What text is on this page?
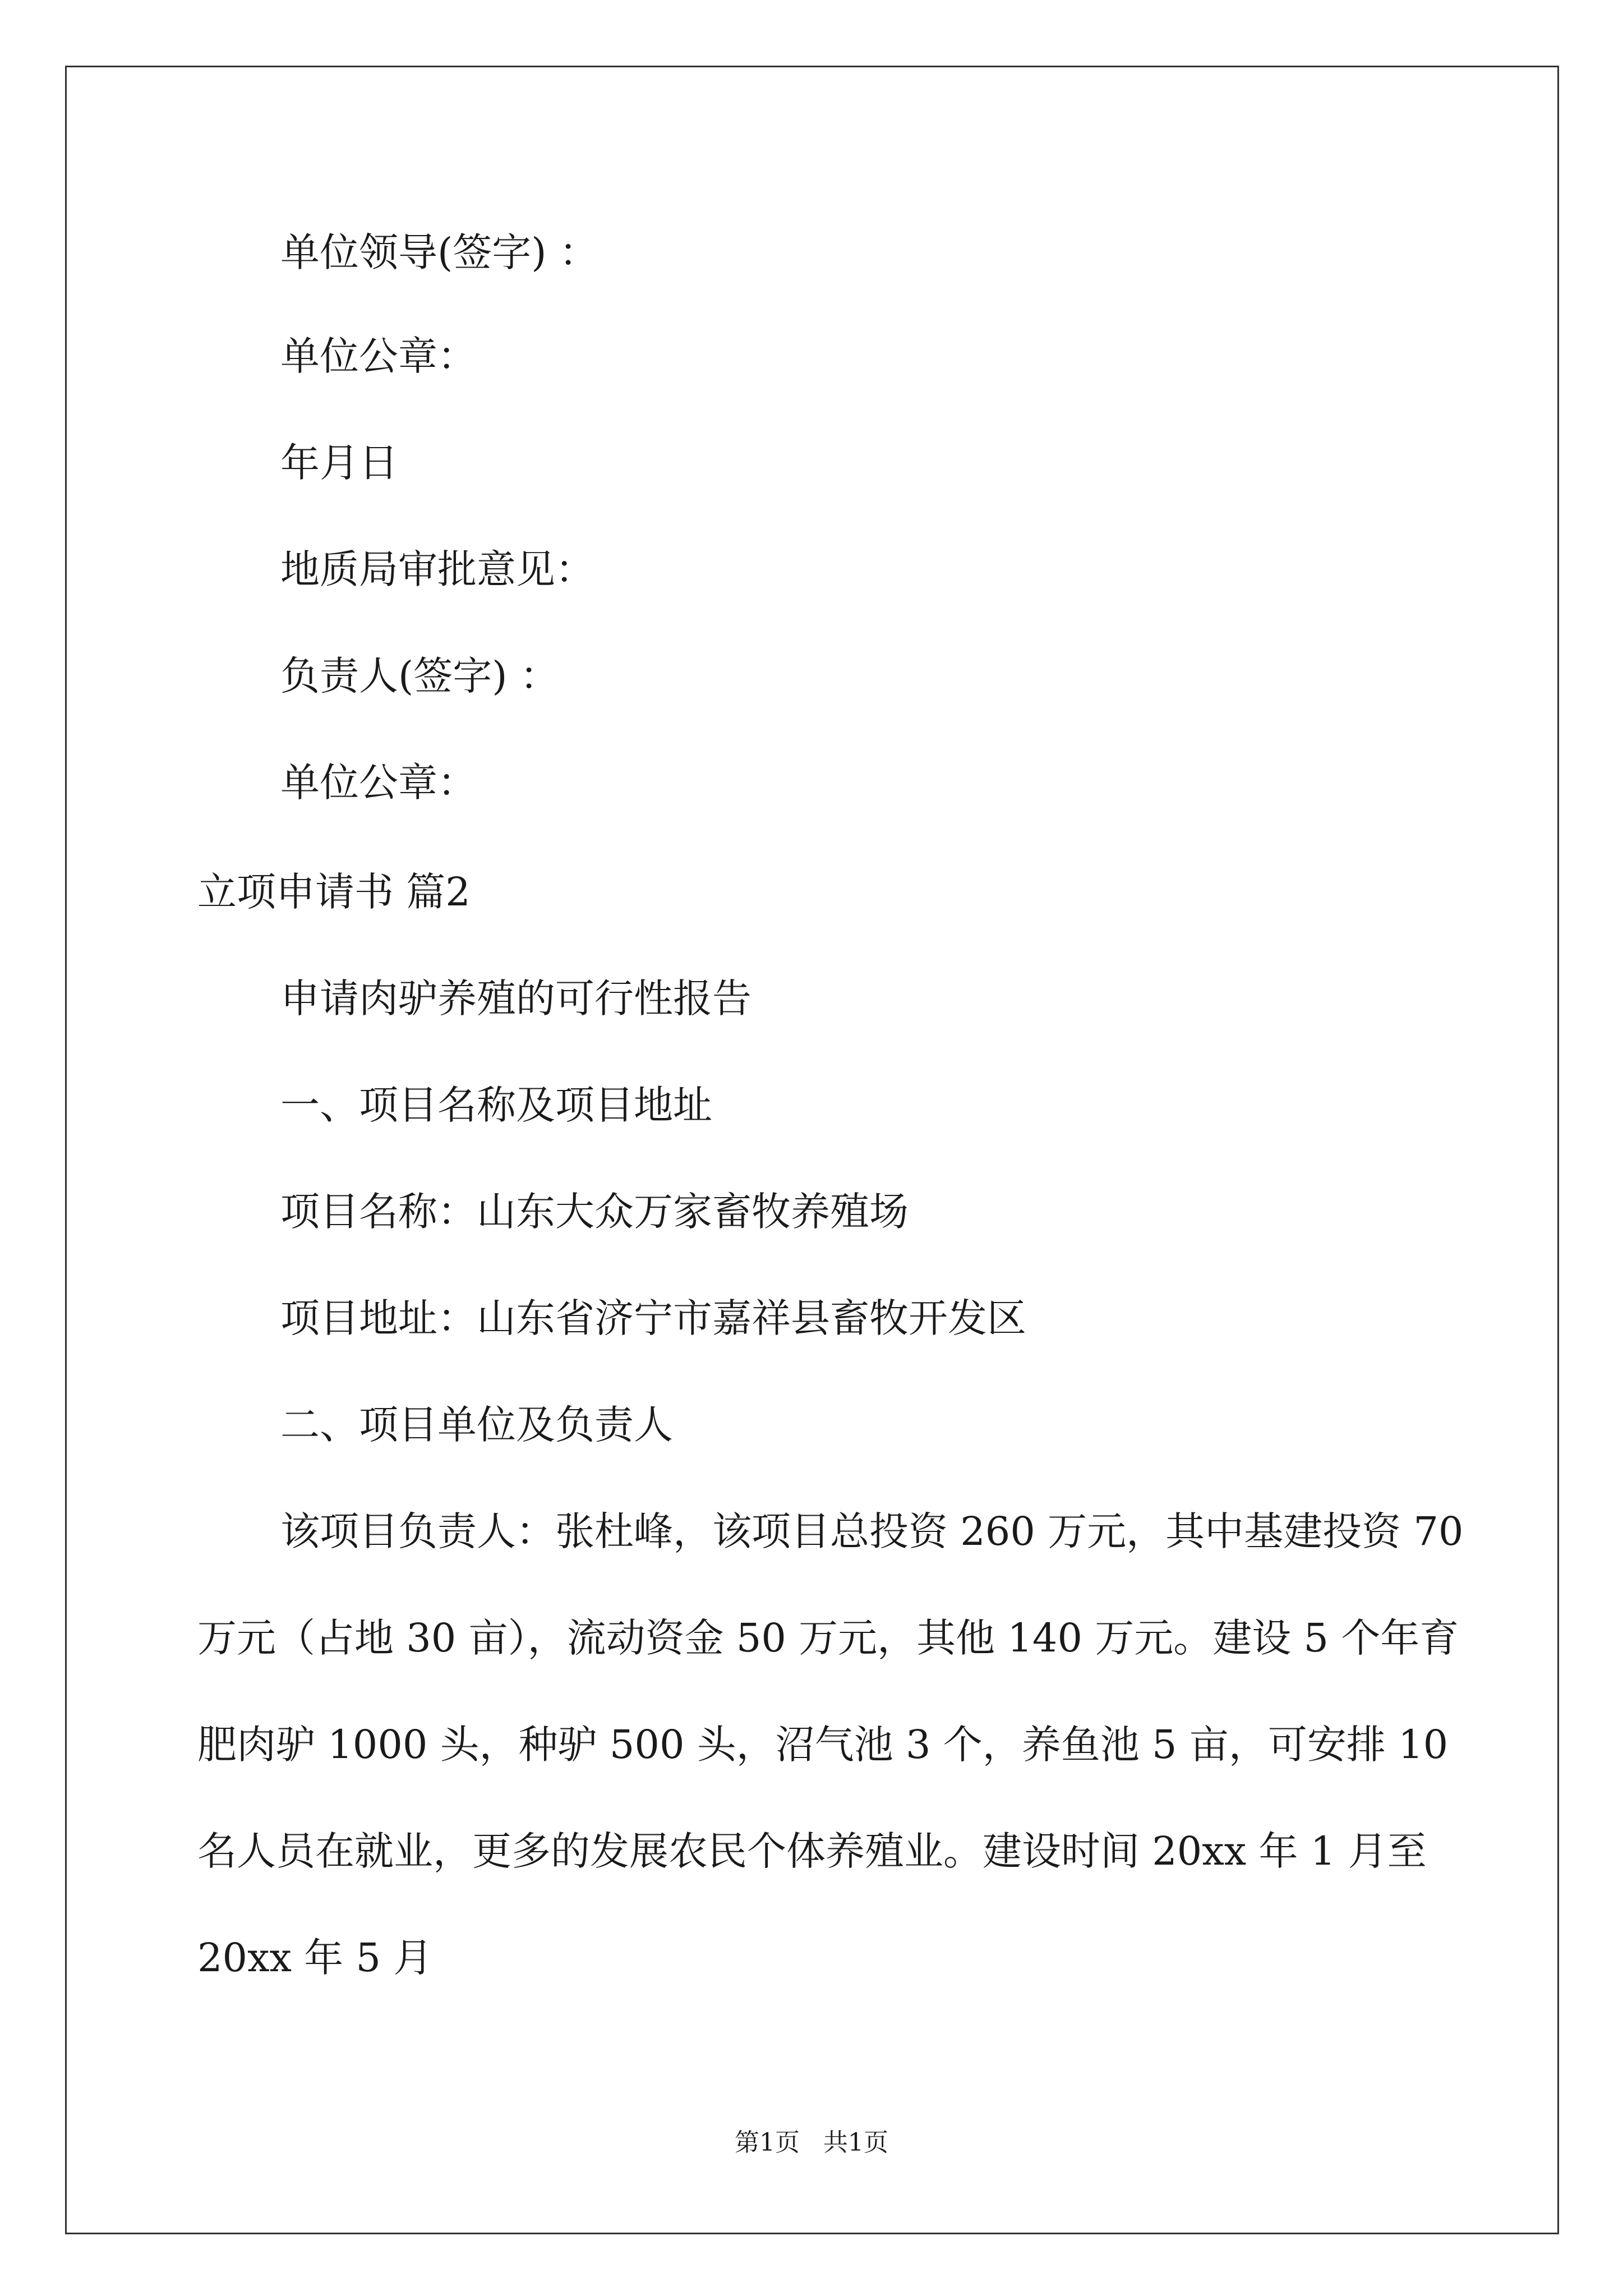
单位领导(签字) ：

单位公章：

年月日

地质局审批意见：

负责人(签字) ：

单位公章：

立项申请书 篇2

申请肉驴养殖的可行性报告

一、项目名称及项目地址

项目名称：山东大众万家畜牧养殖场

项目地址：山东省济宁市嘉祥县畜牧开发区

二、项目单位及负责人

该项目负责人：张杜峰，该项目总投资 260 万元，其中基建投资 70

万元（占地 30 亩），流动资金 50 万元，其他 140 万元。建设 5 个年育

肥肉驴 1000 头，种驴 500 头，沼气池 3 个，养鱼池 5 亩，可安排 10

名人员在就业，更多的发展农民个体养殖业。建设时间 20xx 年 1 月至

20xx 年 5 月

第1页   共1页
